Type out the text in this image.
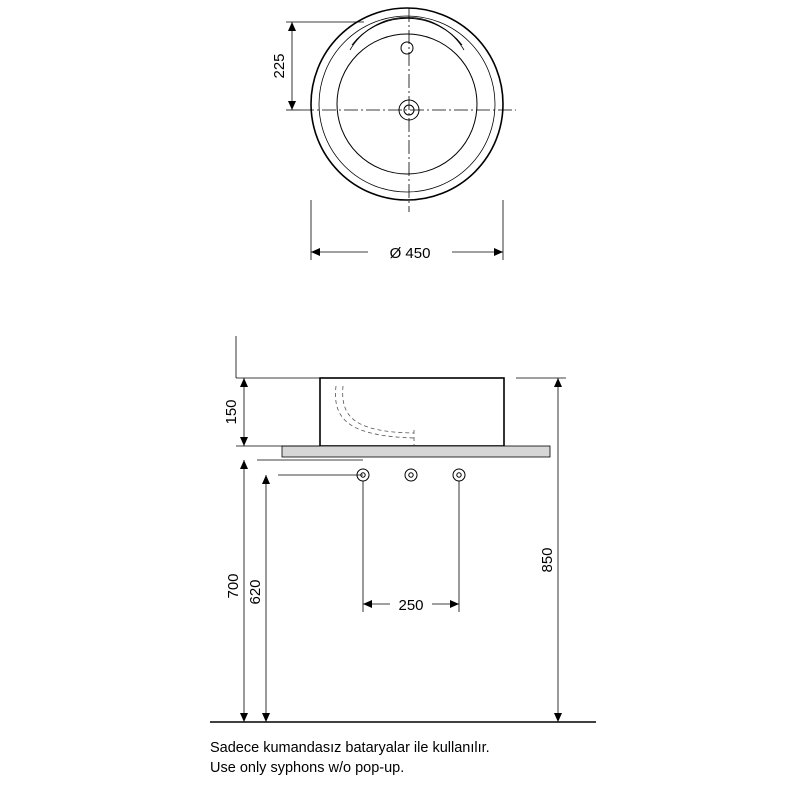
225
Ø 450
150
700 620
850
250
Sadece kumandasız bataryalar ile kullanılır.
Use only syphons w/o pop-up.
